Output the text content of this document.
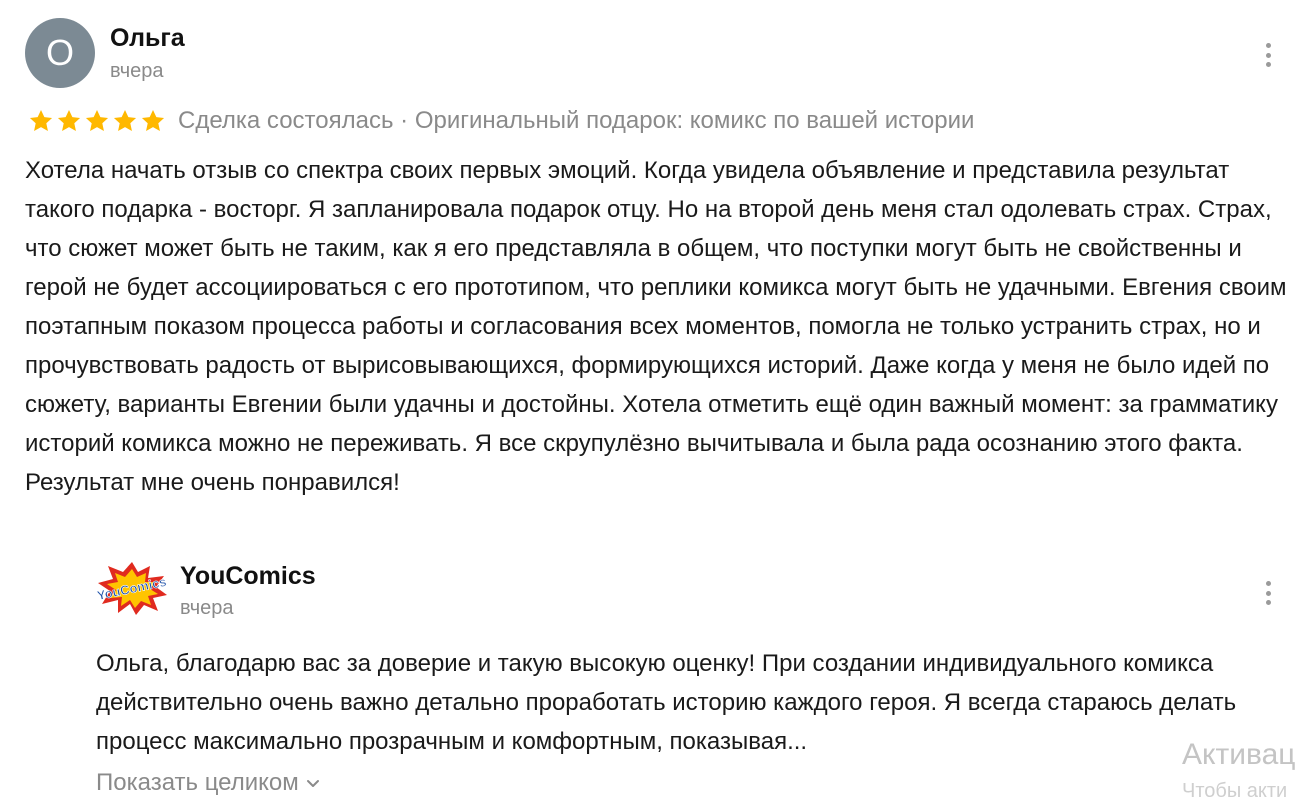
О Ольга
вчера
Сделка состоялась · Оригинальный подарок: комикс по вашей истории
Хотела начать отзыв со спектра своих первых эмоций. Когда увидела объявление и представила результат такого подарка - восторг. Я запланировала подарок отцу. Но на второй день меня стал одолевать страх. Страх, что сюжет может быть не таким, как я его представляла в общем, что поступки могут быть не свойственны и герой не будет ассоциироваться с его прототипом, что реплики комикса могут быть не удачными. Евгения своим поэтапным показом процесса работы и согласования всех моментов, помогла не только устранить страх, но и прочувствовать радость от вырисовывающихся, формирующихся историй. Даже когда у меня не было идей по сюжету, варианты Евгении были удачны и достойны. Хотела отметить ещё один важный момент: за грамматику историй комикса можно не переживать. Я все скрупулёзно вычитывала и была рада осознанию этого факта. Результат мне очень понравился!
YouComics YouComics
вчера
Ольга, благодарю вас за доверие и такую высокую оценку! При создании индивидуального комикса действительно очень важно детально проработать историю каждого героя. Я всегда стараюсь делать процесс максимально прозрачным и комфортным, показывая...
Показать целиком
Активац
Чтобы акти
